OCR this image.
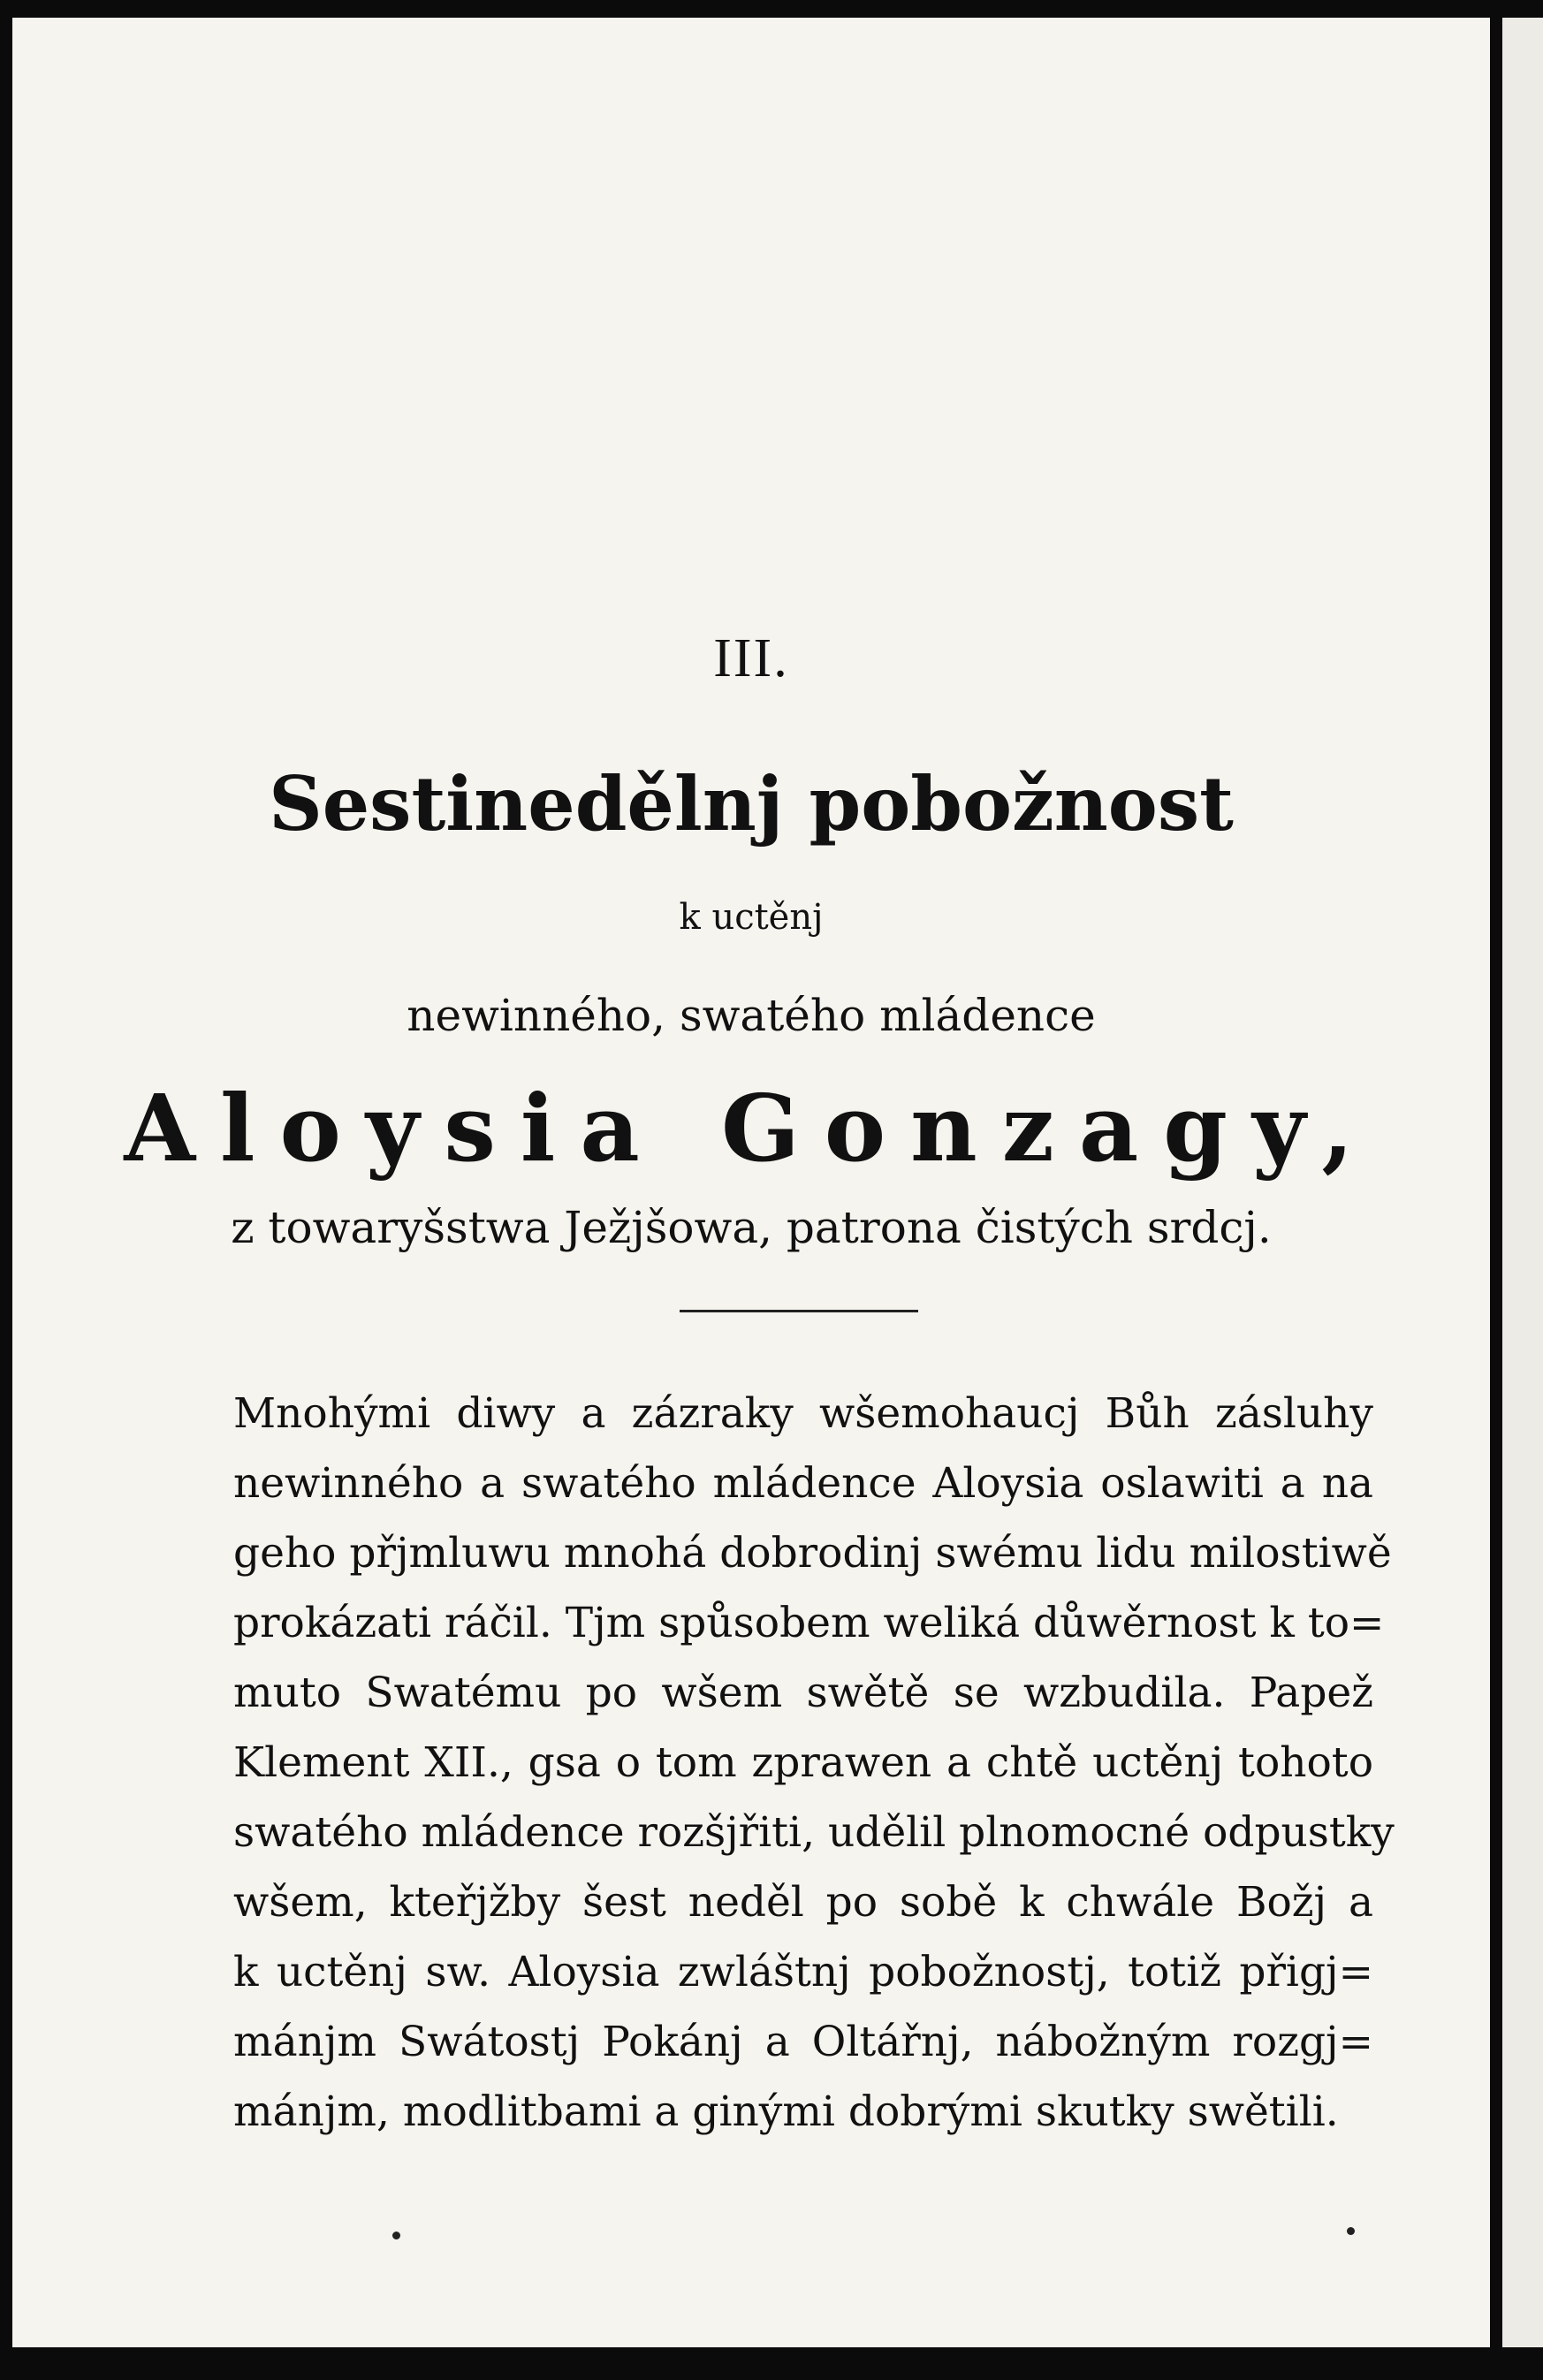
III.
Sestinedělnj pobožnost
k uctěnj
newinného, swatého mládence
Aloysia Gonzagy,
z towaryšstwa Ježjšowa, patrona čistých srdcj.
Mnohými diwy a zázraky wšemohaucj Bůh zásluhy
newinného a swatého mládence Aloysia oslawiti a na
geho přjmluwu mnohá dobrodinj swému lidu milostiwě
prokázati ráčil. Tjm spůsobem weliká důwěrnost k to=
muto Swatému po wšem swětě se wzbudila. Papež
Klement XII., gsa o tom zprawen a chtě uctěnj tohoto
swatého mládence rozšjřiti, udělil plnomocné odpustky
wšem, kteřjžby šest neděl po sobě k chwále Božj a
k uctěnj sw. Aloysia zwláštnj pobožnostj, totiž přigj=
mánjm Swátostj Pokánj a Oltářnj, nábožným rozgj=
mánjm, modlitbami a ginými dobrými skutky swětili.
